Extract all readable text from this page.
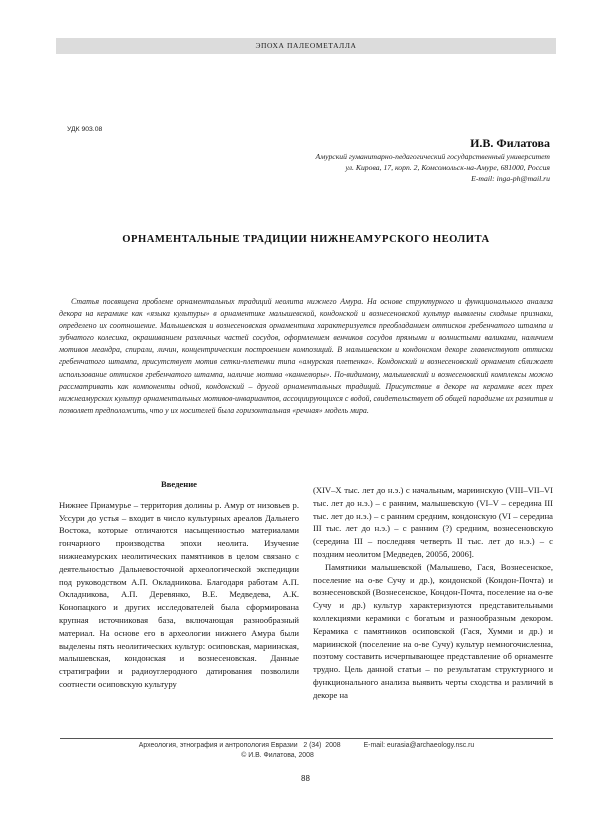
ЭПОХА ПАЛЕОМЕТАЛЛА
УДК 903.08
И.В. Филатова
Амурский гуманитарно-педагогический государственный университет
ул. Кирова, 17, корп. 2, Комсомольск-на-Амуре, 681000, Россия
E-mail: inga-ph@mail.ru
ОРНАМЕНТАЛЬНЫЕ ТРАДИЦИИ НИЖНЕАМУРСКОГО НЕОЛИТА
Статья посвящена проблеме орнаментальных традиций неолита нижнего Амура. На основе структурного и функционального анализа декора на керамике как «языка культуры» в орнаментике малышевской, кондонской и вознесеновской культур выявлены сходные признаки, определено их соотношение. Малышевская и вознесеновская орнаментика характеризуется преобладанием оттисков гребенчатого штампа и зубчатого колесика, окрашиванием различных частей сосудов, оформлением венчиков сосудов прямыми и волнистыми валиками, наличием мотивов меандра, спирали, личин, концентрическим построением композиций. В малышевском и кондонском декоре главенствуют оттиски гребенчатого штампа, присутствует мотив сетки-плетенки типа «амурская плетенка». Кондонский и вознесеновский орнамент сближает использование оттисков гребенчатого штампа, наличие мотива «каннелюры». По-видимому, малышевский и вознесеновский комплексы можно рассматривать как компоненты одной, кондонский – другой орнаментальных традиций. Присутствие в декоре на керамике всех трех нижнеамурских культур орнаментальных мотивов-инвариантов, ассоциирующихся с водой, свидетельствует об общей парадигме их развития и позволяет предположить, что у их носителей была горизонтальная «речная» модель мира.
Введение

Нижнее Приамурье – территория долины р. Амур от низовьев р. Уссури до устья – входит в число культурных ареалов Дальнего Востока, которые отличаются насыщенностью материалами гончарного производства эпохи неолита. Изучение нижнеамурских неолитических памятников в целом связано с деятельностью Дальневосточной археологической экспедиции под руководством А.П. Окладникова. Благодаря работам А.П. Окладникова, А.П. Деревянко, В.Е. Медведева, А.К. Конопацкого и других исследователей была сформирована крупная источниковая база, включающая разнообразный материал. На основе его в археологии нижнего Амура были выделены пять неолитических культур: осиповская, мариинская, малышевская, кондонская и вознесеновская. Данные стратиграфии и радиоуглеродного датирования позволили соотнести осиповскую культуру

(XIV–X тыс. лет до н.э.) с начальным, мариинскую (VIII–VII–VI тыс. лет до н.э.) – с ранним, малышевскую (VI–V – середина III тыс. лет до н.э.) – с ранним средним, кондонскую (VI – середина III тыс. лет до н.э.) – с ранним (?) средним, вознесеновскую (середина III – последняя четверть II тыс. лет до н.э.) – с поздним неолитом [Медведев, 2005б, 2006].

Памятники малышевской (Малышево, Гася, Вознесенское, поселение на о-ве Сучу и др.), кондонской (Кондон-Почта) и вознесеновской (Вознесенское, Кондон-Почта, поселение на о-ве Сучу и др.) культур характеризуются представительными коллекциями керамики с богатым и разнообразным декором. Керамика с памятников осиповской (Гася, Хумми и др.) и мариинской (поселение на о-ве Сучу) культур немногочисленна, поэтому составить исчерпывающее представление об орнаменте трудно. Цель данной статьи – по результатам структурного и функционального анализа выявить черты сходства и различий в декоре на

Археология, этнография и антропология Евразии
2 (34)
2008
	E-mail: eurasia@archaeology.nsc.ru
© И.В. Филатова, 2008
88
